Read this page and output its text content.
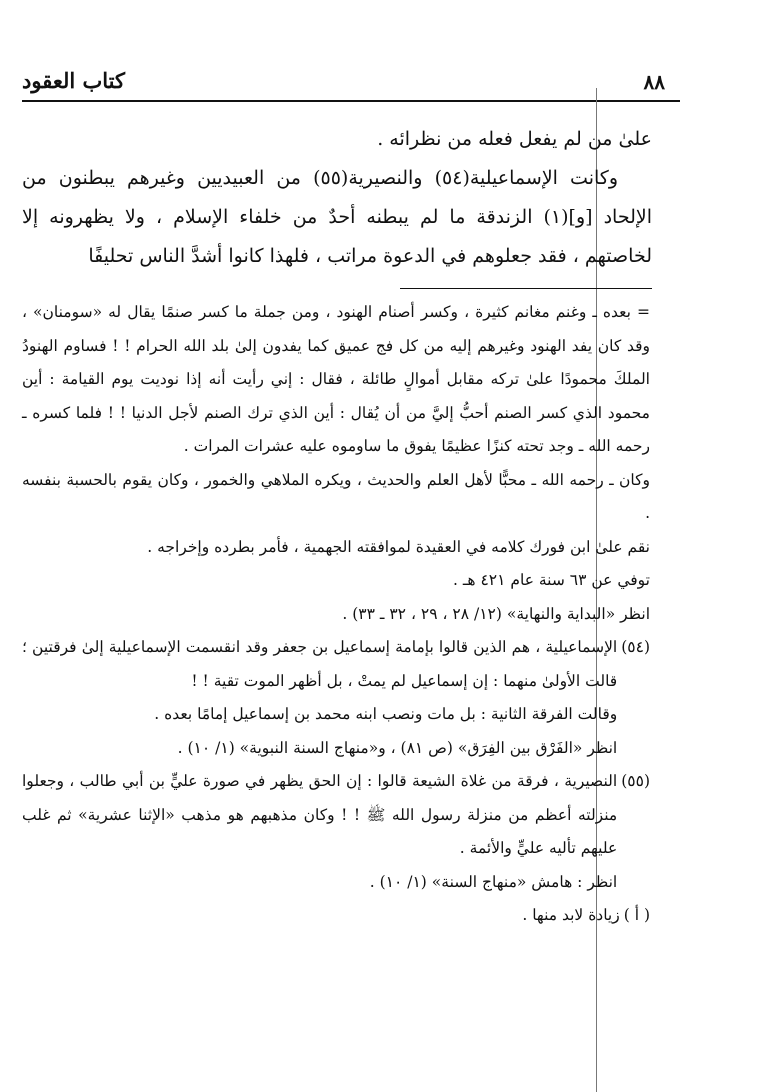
٨٨
كتاب العقود

علىٰ من لم يفعل فعله من نظرائه .

وكانت الإسماعيلية(٥٤) والنصيرية(٥٥) من العبيديين وغيرهم يبطنون من الإلحاد [و](١) الزندقة ما لم يبطنه أحدٌ من خلفاء الإسلام ، ولا يظهرونه إلا لخاصتهم ، فقد جعلوهم في الدعوة مراتب ، فلهذا كانوا أشدَّ الناس تحليفًا

= بعده ـ وغنم مغانم كثيرة ، وكسر أصنام الهنود ، ومن جملة ما كسر صنمًا يقال له «سومنان» ، وقد كان يفد الهنود وغيرهم إليه من كل فج عميق كما يفدون إلىٰ بلد الله الحرام ! ! فساوم الهنودُ الملكَ محمودًا علىٰ تركه مقابل أموالٍ طائلة ، فقال : إني رأيت أنه إذا نوديت يوم القيامة : أين محمود الذي كسر الصنم أحبُّ إليَّ من أن يُقال : أين الذي ترك الصنم لأجل الدنيا ! ! فلما كسره ـ رحمه الله ـ وجد تحته كنزًا عظيمًا يفوق ما ساوموه عليه عشرات المرات .

وكان ـ رحمه الله ـ محبًّا لأهل العلم والحديث ، ويكره الملاهي والخمور ، وكان يقوم بالحسبة بنفسه .

نقم علىٰ ابن فورك كلامه في العقيدة لموافقته الجهمية ، فأمر بطرده وإخراجه .

توفي عن ٦٣ سنة عام ٤٢١ هـ .

انظر «البداية والنهاية» (١٢/ ٢٨ ، ٢٩ ، ٣٢ ـ ٣٣) .

(٥٤)

الإسماعيلية ، هم الذين قالوا بإمامة إسماعيل بن جعفر وقد انقسمت الإسماعيلية إلىٰ فرقتين ؛ قالت الأولىٰ منهما : إن إسماعيل لم يمتْ ، بل أظهر الموت تقية ! !

وقالت الفرقة الثانية : بل مات ونصب ابنه محمد بن إسماعيل إمامًا بعده .

انظر «الفَرْق بين الفِرَق» (ص ٨١) ، و«منهاج السنة النبوية» (١/ ١٠) .

(٥٥)

النصيرية ، فرقة من غلاة الشيعة قالوا : إن الحق يظهر في صورة عليٍّ بن أبي طالب ، وجعلوا منزلته أعظم من منزلة رسول الله ﷺ ! ! وكان مذهبهم هو مذهب «الإثنا عشرية» ثم غلب عليهم تأليه عليٍّ والأئمة .

انظر : هامش «منهاج السنة» (١/ ١٠) .

( أ )

زيادة لابد منها .
